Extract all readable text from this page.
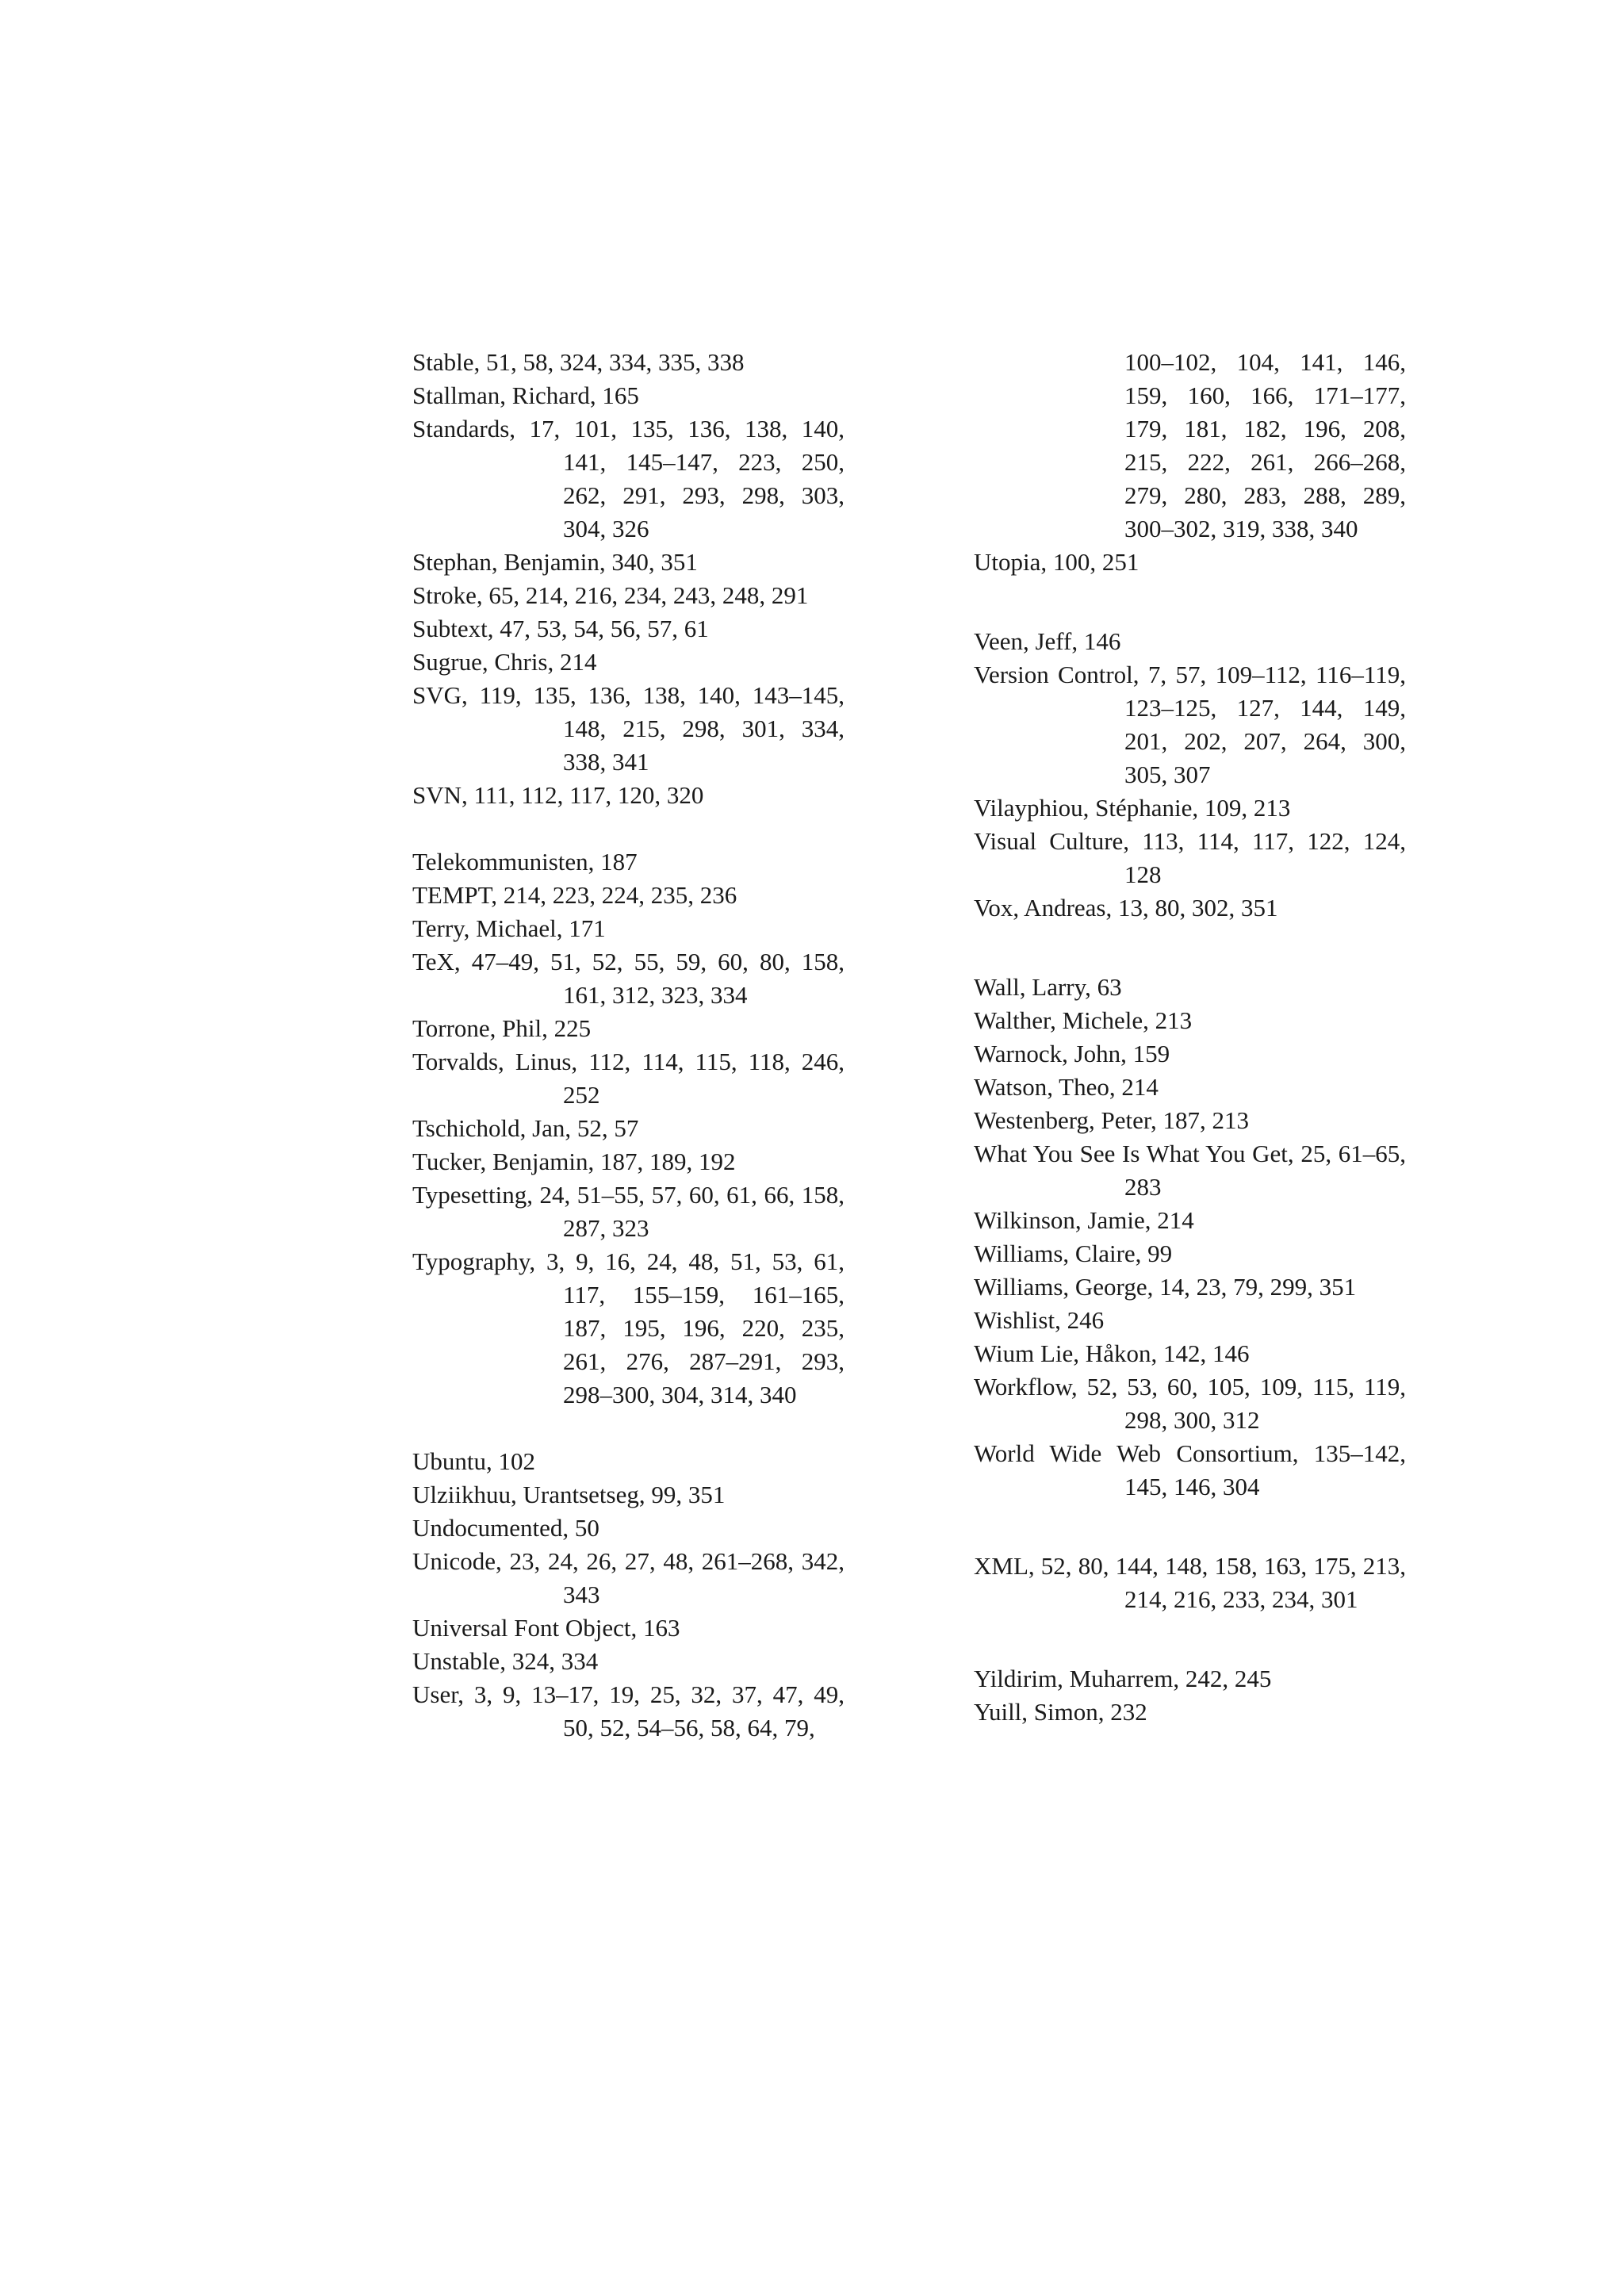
Stable, 51, 58, 324, 334, 335, 338
Stallman, Richard, 165
Standards, 17, 101, 135, 136, 138, 140, 141, 145–147, 223, 250, 262, 291, 293, 298, 303, 304, 326
Stephan, Benjamin, 340, 351
Stroke, 65, 214, 216, 234, 243, 248, 291
Subtext, 47, 53, 54, 56, 57, 61
Sugrue, Chris, 214
SVG, 119, 135, 136, 138, 140, 143–145, 148, 215, 298, 301, 334, 338, 341
SVN, 111, 112, 117, 120, 320
Telekommunisten, 187
TEMPT, 214, 223, 224, 235, 236
Terry, Michael, 171
TeX, 47–49, 51, 52, 55, 59, 60, 80, 158, 161, 312, 323, 334
Torrone, Phil, 225
Torvalds, Linus, 112, 114, 115, 118, 246, 252
Tschichold, Jan, 52, 57
Tucker, Benjamin, 187, 189, 192
Typesetting, 24, 51–55, 57, 60, 61, 66, 158, 287, 323
Typography, 3, 9, 16, 24, 48, 51, 53, 61, 117, 155–159, 161–165, 187, 195, 196, 220, 235, 261, 276, 287–291, 293, 298–300, 304, 314, 340
Ubuntu, 102
Ulziikhuu, Urantsetseg, 99, 351
Undocumented, 50
Unicode, 23, 24, 26, 27, 48, 261–268, 342, 343
Universal Font Object, 163
Unstable, 324, 334
User, 3, 9, 13–17, 19, 25, 32, 37, 47, 49, 50, 52, 54–56, 58, 64, 79,
100–102, 104, 141, 146, 159, 160, 166, 171–177, 179, 181, 182, 196, 208, 215, 222, 261, 266–268, 279, 280, 283, 288, 289, 300–302, 319, 338, 340
Utopia, 100, 251
Veen, Jeff, 146
Version Control, 7, 57, 109–112, 116–119, 123–125, 127, 144, 149, 201, 202, 207, 264, 300, 305, 307
Vilayphiou, Stéphanie, 109, 213
Visual Culture, 113, 114, 117, 122, 124, 128
Vox, Andreas, 13, 80, 302, 351
Wall, Larry, 63
Walther, Michele, 213
Warnock, John, 159
Watson, Theo, 214
Westenberg, Peter, 187, 213
What You See Is What You Get, 25, 61–65, 283
Wilkinson, Jamie, 214
Williams, Claire, 99
Williams, George, 14, 23, 79, 299, 351
Wishlist, 246
Wium Lie, Håkon, 142, 146
Workflow, 52, 53, 60, 105, 109, 115, 119, 298, 300, 312
World Wide Web Consortium, 135–142, 145, 146, 304
XML, 52, 80, 144, 148, 158, 163, 175, 213, 214, 216, 233, 234, 301
Yildirim, Muharrem, 242, 245
Yuill, Simon, 232
